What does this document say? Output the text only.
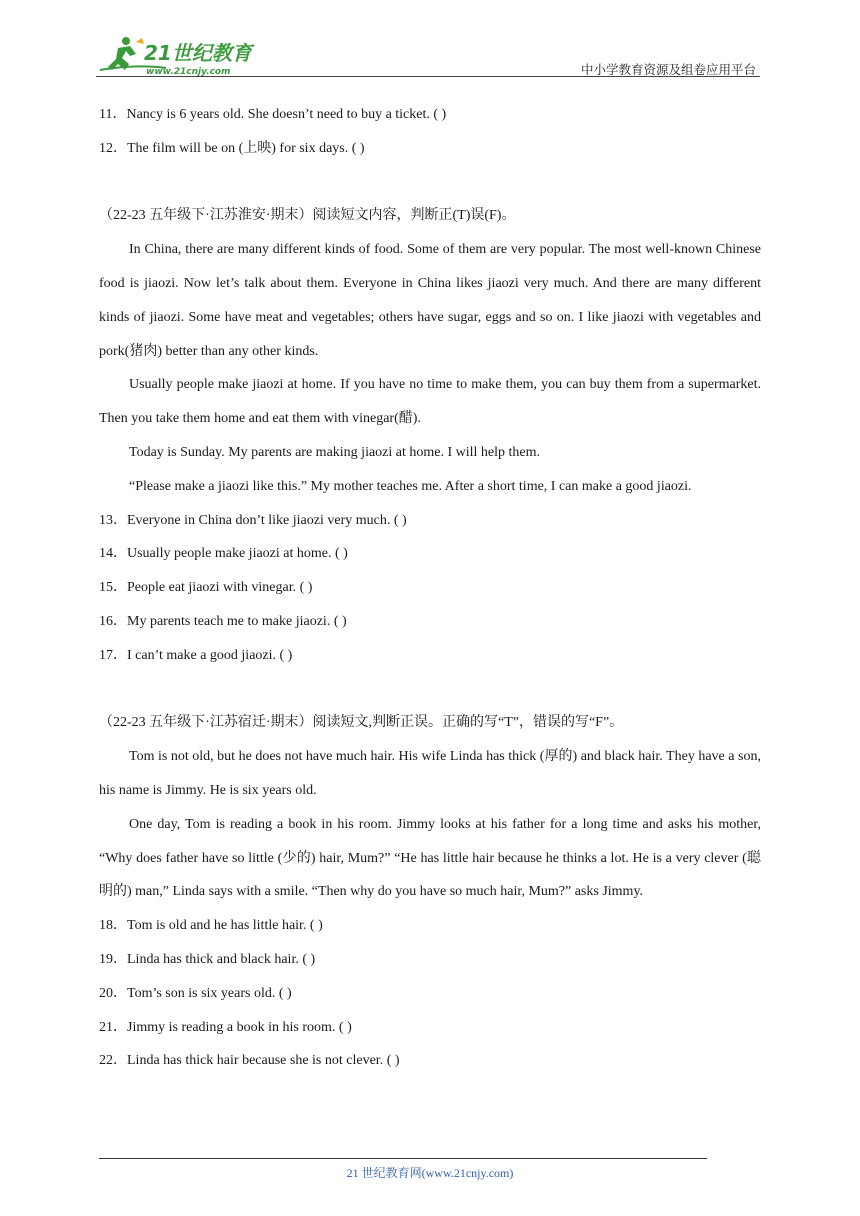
21世纪教育
www.21cnjy.com	中小学教育资源及组卷应用平台
11．Nancy is 6 years old. She doesn’t need to buy a ticket. ( )
12．The film will be on (上映) for six days. ( )
（22-23 五年级下·江苏淮安·期末）阅读短文内容，判断正(T)误(F)。
In China, there are many different kinds of food. Some of them are very popular. The most well-known Chinese food is jiaozi. Now let’s talk about them. Everyone in China likes jiaozi very much. And there are many different kinds of jiaozi. Some have meat and vegetables; others have sugar, eggs and so on. I like jiaozi with vegetables and pork(猪肉) better than any other kinds.
Usually people make jiaozi at home. If you have no time to make them, you can buy them from a supermarket. Then you take them home and eat them with vinegar(醋).
Today is Sunday. My parents are making jiaozi at home. I will help them.
“Please make a jiaozi like this.” My mother teaches me. After a short time, I can make a good jiaozi.
13．Everyone in China don’t like jiaozi very much. ( )
14．Usually people make jiaozi at home. ( )
15．People eat jiaozi with vinegar. ( )
16．My parents teach me to make jiaozi. ( )
17．I can’t make a good jiaozi. ( )
（22-23 五年级下·江苏宿迁·期末）阅读短文,判断正误。正确的写“T”，错误的写“F”。
Tom is not old, but he does not have much hair. His wife Linda has thick (厚的) and black hair. They have a son, his name is Jimmy. He is six years old.
One day, Tom is reading a book in his room. Jimmy looks at his father for a long time and asks his mother, “Why does father have so little (少的) hair, Mum?” “He has little hair because he thinks a lot. He is a very clever (聪明的) man,” Linda says with a smile. “Then why do you have so much hair, Mum?” asks Jimmy.
18．Tom is old and he has little hair. ( )
19．Linda has thick and black hair. ( )
20．Tom’s son is six years old. ( )
21．Jimmy is reading a book in his room. ( )
22．Linda has thick hair because she is not clever. ( )
21 世纪教育网(www.21cnjy.com)
